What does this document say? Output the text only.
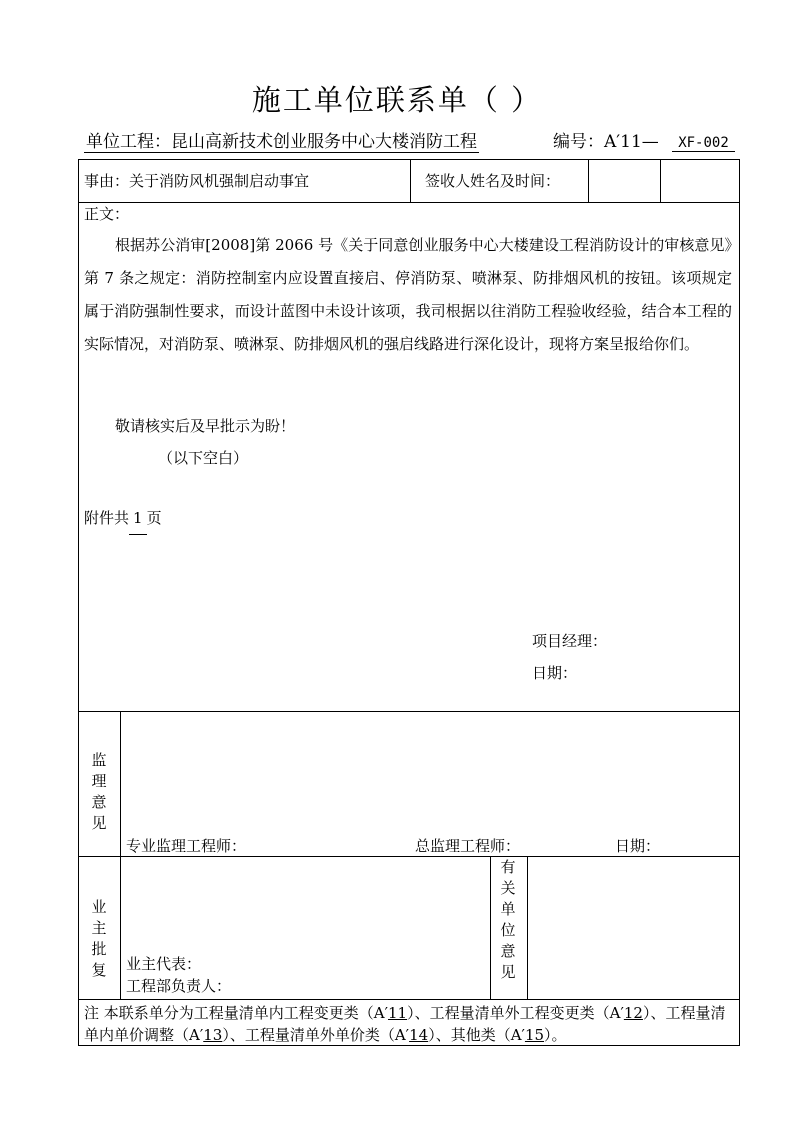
施工单位联系单（ ）
单位工程：昆山高新技术创业服务中心大楼消防工程	编号：A′11— XF-002
事由：关于消防风机强制启动事宜	签收人姓名及时间：
正文：
根据苏公消审[2008]第 2066 号《关于同意创业服务中心大楼建设工程消防设计的审核意见》第 7 条之规定：消防控制室内应设置直接启、停消防泵、喷淋泵、防排烟风机的按钮。该项规定属于消防强制性要求，而设计蓝图中未设计该项，我司根据以往消防工程验收经验，结合本工程的实际情况，对消防泵、喷淋泵、防排烟风机的强启线路进行深化设计，现将方案呈报给你们。
敬请核实后及早批示为盼！
（以下空白）
附件共 1 页
项目经理：
日期：
监理意见
专业监理工程师：	总监理工程师：	日期：
业主批复 业主代表：
工程部负责人：
有关单位意见
注 本联系单分为工程量清单内工程变更类（A′11）、工程量清单外工程变更类（A′12）、工程量清单内单价调整（A′13）、工程量清单外单价类（A′14）、其他类（A′15）。
